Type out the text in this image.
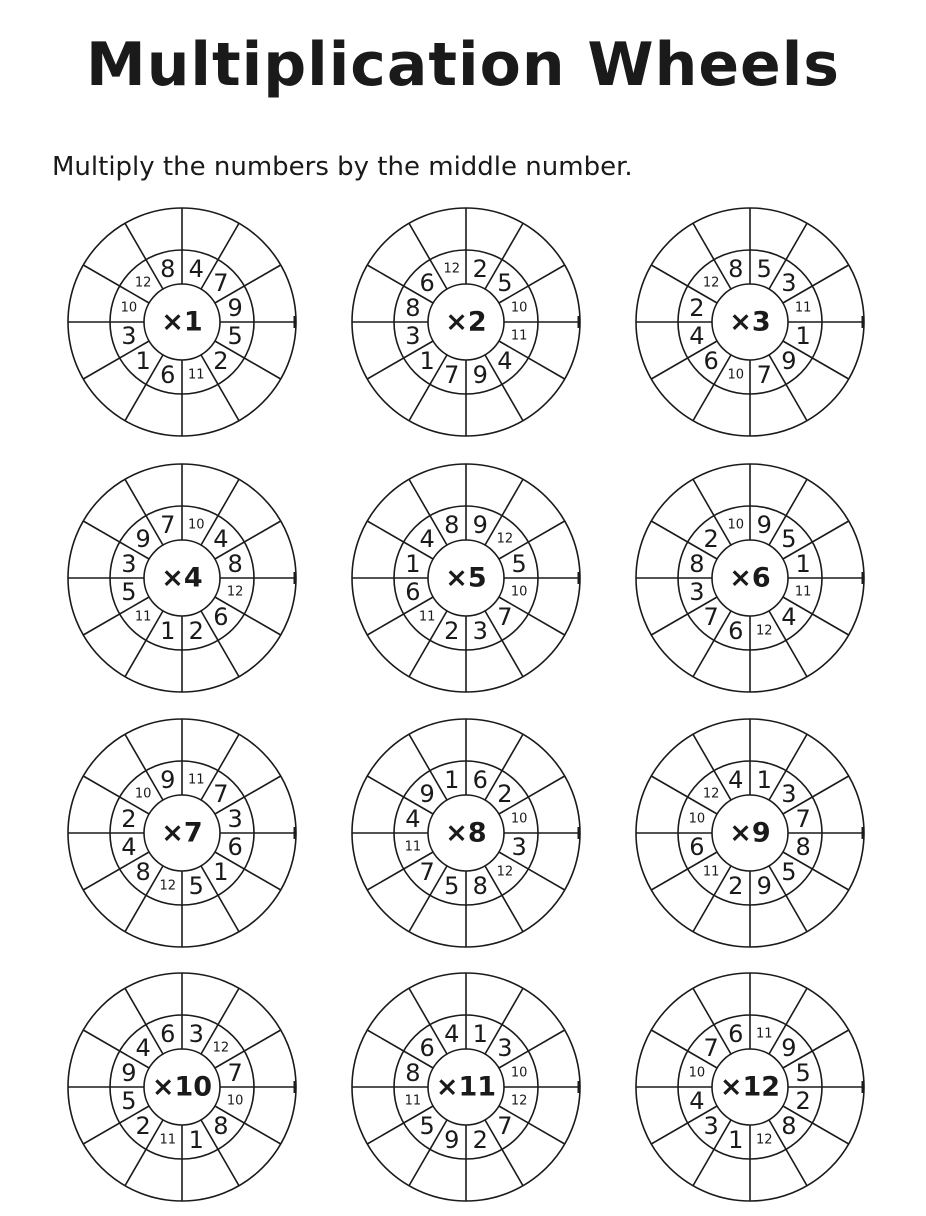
Multiplication Wheels

Multiply the numbers by the middle number.

4
7
9
5
2
11
6
1
3
10
12
8
×1
2
5
10
11
4
9
7
1
3
8
6
12
×2
5
3
11
1
9
7
10
6
4
2
12
8
×3
10
4
8
12
6
2
1
11
5
3
9
7
×4
9
12
5
10
7
3
2
11
6
1
4
8
×5
9
5
1
11
4
12
6
7
3
8
2
10
×6
11
7
3
6
1
5
12
8
4
2
10
9
×7
6
2
10
3
12
8
5
7
11
4
9
1
×8
1
3
7
8
5
9
2
11
6
10
12
4
×9
3
12
7
10
8
1
11
2
5
9
4
6
×10
1
3
10
12
7
2
9
5
11
8
6
4
×11
11
9
5
2
8
12
1
3
4
10
7
6
×12
